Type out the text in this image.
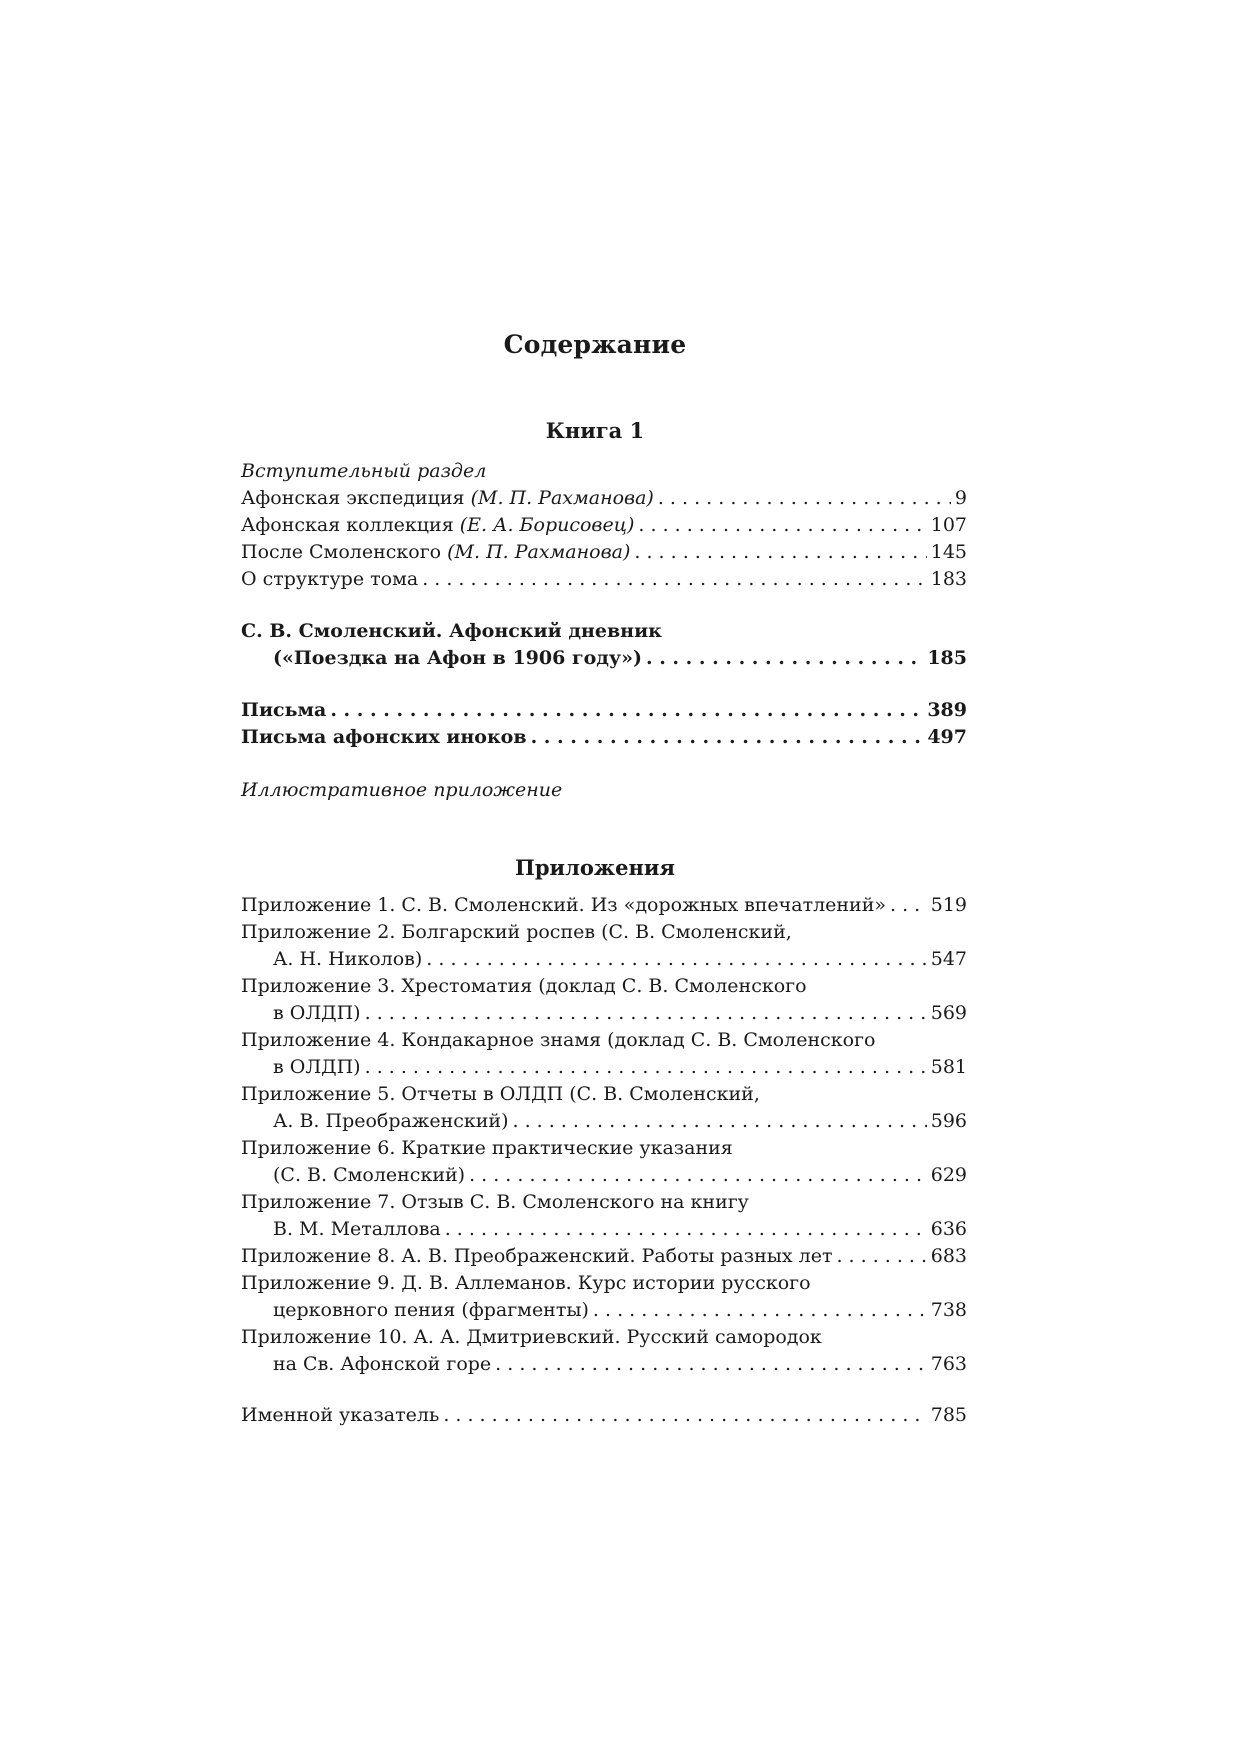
Содержание
Книга 1
Вступительный раздел
Афонская экспедиция (М. П. Рахманова) . . .	9
Афонская коллекция (Е. А. Борисовец) . . .	107
После Смоленского (М. П. Рахманова) . . .	145
О структуре тома . . .	183
С. В. Смоленский. Афонский дневник
(«Поездка на Афон в 1906 году») . . .	185
Письма . . .	389
Письма афонских иноков . . .	497
Иллюстративное приложение
Приложения
Приложение 1. С. В. Смоленский. Из «дорожных впечатлений» . . . 519
Приложение 2. Болгарский роспев (С. В. Смоленский,
А. Н. Николов) . . .	547
Приложение 3. Хрестоматия (доклад С. В. Смоленского
в ОЛДП) . . .	569
Приложение 4. Кондакарное знамя (доклад С. В. Смоленского
в ОЛДП) . . .	581
Приложение 5. Отчеты в ОЛДП (С. В. Смоленский,
А. В. Преображенский) . . .	596
Приложение 6. Краткие практические указания
(С. В. Смоленский) . . .	629
Приложение 7. Отзыв С. В. Смоленского на книгу
В. М. Металлова . . .	636
Приложение 8. А. В. Преображенский. Работы разных лет . . .	683
Приложение 9. Д. В. Аллеманов. Курс истории русского
церковного пения (фрагменты) . . .	738
Приложение 10. А. А. Дмитриевский. Русский самородок
на Св. Афонской горе . . .	763
Именной указатель . . .	785
